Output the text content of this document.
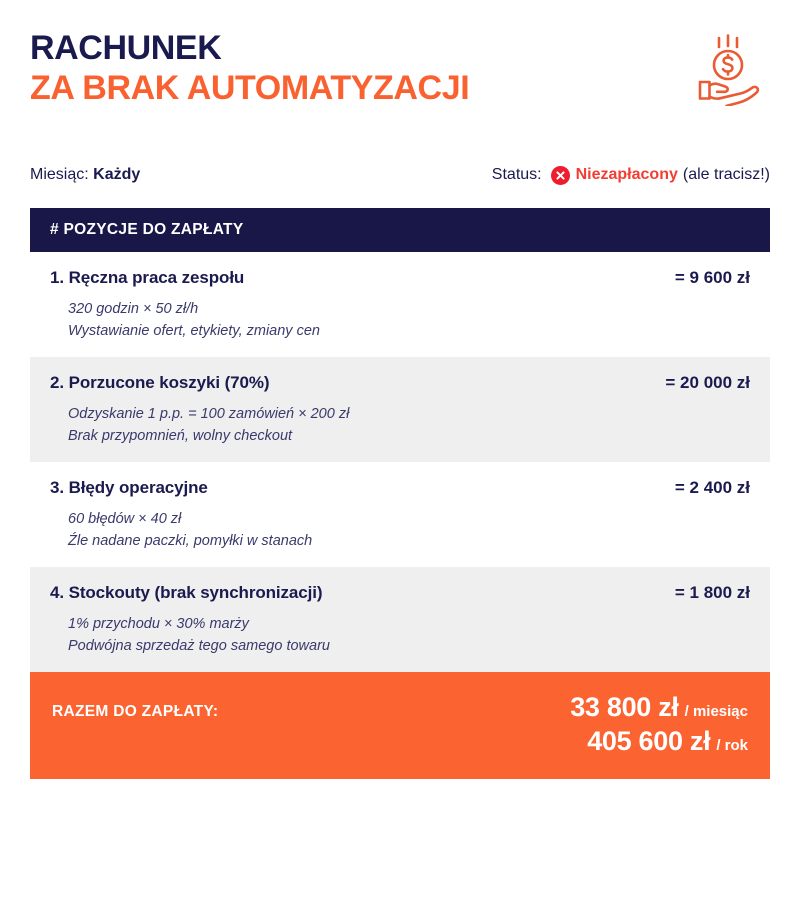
RACHUNEK
ZA BRAK AUTOMATYZACJI
Miesiąc: Każdy	Status: Niezapłacony (ale tracisz!)
# POZYCJE DO ZAPŁATY
1. Ręczna praca zespołu	= 9 600 zł
320 godzin × 50 zł/h
Wystawianie ofert, etykiety, zmiany cen
2. Porzucone koszyki (70%)	= 20 000 zł
Odzyskanie 1 p.p. = 100 zamówień × 200 zł
Brak przypomnień, wolny checkout
3. Błędy operacyjne	= 2 400 zł
60 błędów × 40 zł
Źle nadane paczki, pomyłki w stanach
4. Stockouty (brak synchronizacji)	= 1 800 zł
1% przychodu × 30% marży
Podwójna sprzedaż tego samego towaru
RAZEM DO ZAPŁATY:	33 800 zł / miesiąc
405 600 zł / rok
